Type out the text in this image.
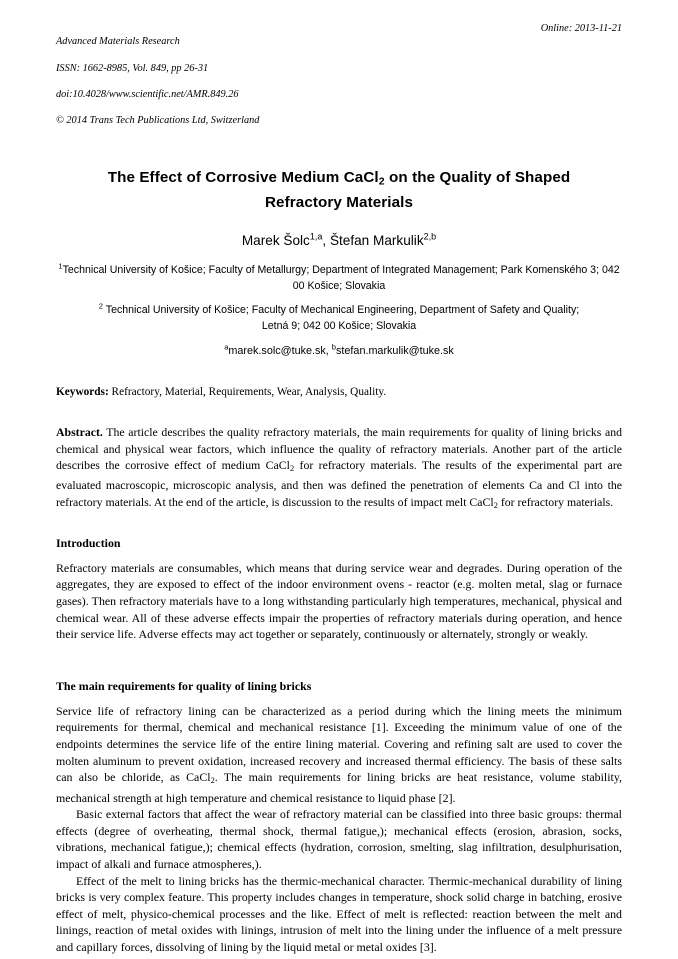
Advanced Materials Research

ISSN: 1662-8985, Vol. 849, pp 26-31

doi:10.4028/www.scientific.net/AMR.849.26

© 2014 Trans Tech Publications Ltd, Switzerland

Online: 2013-11-21
The Effect of Corrosive Medium CaCl$_2$ on the Quality of Shaped Refractory Materials
Marek Šolc$^{1,a}$, Štefan Markulik$^{2,b}$
$^1$Technical University of Košice; Faculty of Metallurgy; Department of Integrated Management; Park Komenského 3; 042 00 Košice; Slovakia
$^2$ Technical University of Košice; Faculty of Mechanical Engineering, Department of Safety and Quality; Letná 9; 042 00 Košice; Slovakia
$^a$marek.solc@tuke.sk, $^b$stefan.markulik@tuke.sk
Keywords: Refractory, Material, Requirements, Wear, Analysis, Quality.
Abstract. The article describes the quality refractory materials, the main requirements for quality of lining bricks and chemical and physical wear factors, which influence the quality of refractory materials. Another part of the article describes the corrosive effect of medium CaCl$_2$ for refractory materials. The results of the experimental part are evaluated macroscopic, microscopic analysis, and then was defined the penetration of elements Ca and Cl into the refractory materials. At the end of the article, is discussion to the results of impact melt CaCl$_2$ for refractory materials.
Introduction
Refractory materials are consumables, which means that during service wear and degrades. During operation of the aggregates, they are exposed to effect of the indoor environment ovens - reactor (e.g. molten metal, slag or furnace gases). Then refractory materials have to a long withstanding particularly high temperatures, mechanical, physical and chemical wear. All of these adverse effects impair the properties of refractory materials during operation, and hence their service life. Adverse effects may act together or separately, continuously or alternately, strongly or weakly.
The main requirements for quality of lining bricks
Service life of refractory lining can be characterized as a period during which the lining meets the minimum requirements for thermal, chemical and mechanical resistance [1]. Exceeding the minimum value of one of the endpoints determines the service life of the entire lining material. Covering and refining salt are used to cover the molten aluminum to prevent oxidation, increased recovery and increased thermal efficiency. The basis of these salts can also be chloride, as CaCl$_2$. The main requirements for lining bricks are heat resistance, volume stability, mechanical strength at high temperature and chemical resistance to liquid phase [2].
Basic external factors that affect the wear of refractory material can be classified into three basic groups: thermal effects (degree of overheating, thermal shock, thermal fatigue,); mechanical effects (erosion, abrasion, socks, vibrations, mechanical fatigue,); chemical effects (hydration, corrosion, smelting, slag infiltration, desulphurisation, impact of alkali and furnace atmospheres,).
Effect of the melt to lining bricks has the thermic-mechanical character. Thermic-mechanical durability of lining bricks is very complex feature. This property includes changes in temperature, shock solid charge in batching, erosive effect of melt, physico-chemical processes and the like. Effect of melt is reflected: reaction between the melt and linings, reaction of metal oxides with linings, intrusion of melt into the lining under the influence of a melt pressure and capillary forces, dissolving of lining by the liquid metal or metal oxides [3].
